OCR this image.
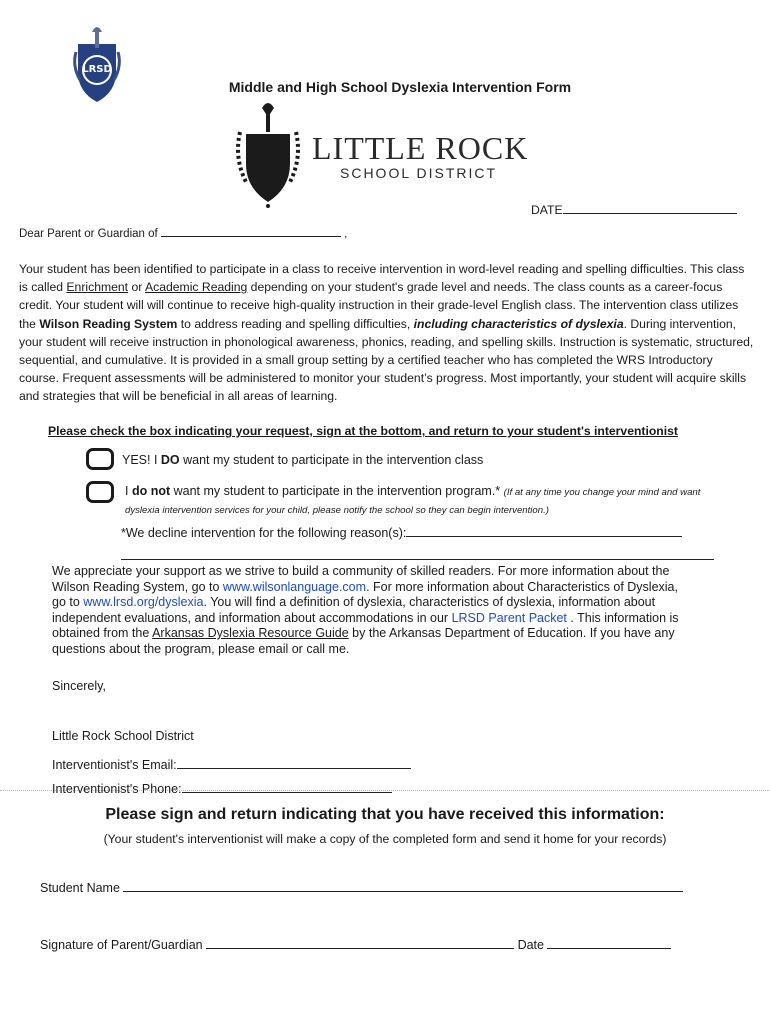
LRSD
Middle and High School Dyslexia Intervention Form
LITTLE ROCK
SCHOOL DISTRICT
DATE
Dear Parent or Guardian of	,
Your student has been identified to participate in a class to receive intervention in word-level reading and spelling difficulties. This class is called Enrichment or Academic Reading depending on your student's grade level and needs. The class counts as a career-focus credit. Your student will will continue to receive high-quality instruction in their grade-level English class. The intervention class utilizes the Wilson Reading System to address reading and spelling difficulties, including characteristics of dyslexia. During intervention, your student will receive instruction in phonological awareness, phonics, reading, and spelling skills. Instruction is systematic, structured, sequential, and cumulative. It is provided in a small group setting by a certified teacher who has completed the WRS Introductory course. Frequent assessments will be administered to monitor your student’s progress. Most importantly, your student will acquire skills and strategies that will be beneficial in all areas of learning.
Please check the box indicating your request, sign at the bottom, and return to your student's interventionist
YES! I DO want my student to participate in the intervention class
I do not want my student to participate in the intervention program.* (If at any time you change your mind and want dyslexia intervention services for your child, please notify the school so they can begin intervention.)
*We decline intervention for the following reason(s):
We appreciate your support as we strive to build a community of skilled readers. For more information about the Wilson Reading System, go to www.wilsonlanguage.com. For more information about Characteristics of Dyslexia, go to www.lrsd.org/dyslexia. You will find a definition of dyslexia, characteristics of dyslexia, information about independent evaluations, and information about accommodations in our LRSD Parent Packet . This information is obtained from the Arkansas Dyslexia Resource Guide by the Arkansas Department of Education. If you have any questions about the program, please email or call me.
Sincerely,
Little Rock School District
Interventionist's Email:
Interventionist's Phone:
Please sign and return indicating that you have received this information:
(Your student's interventionist will make a copy of the completed form and send it home for your records)
Student Name
Signature of Parent/Guardian	Date
